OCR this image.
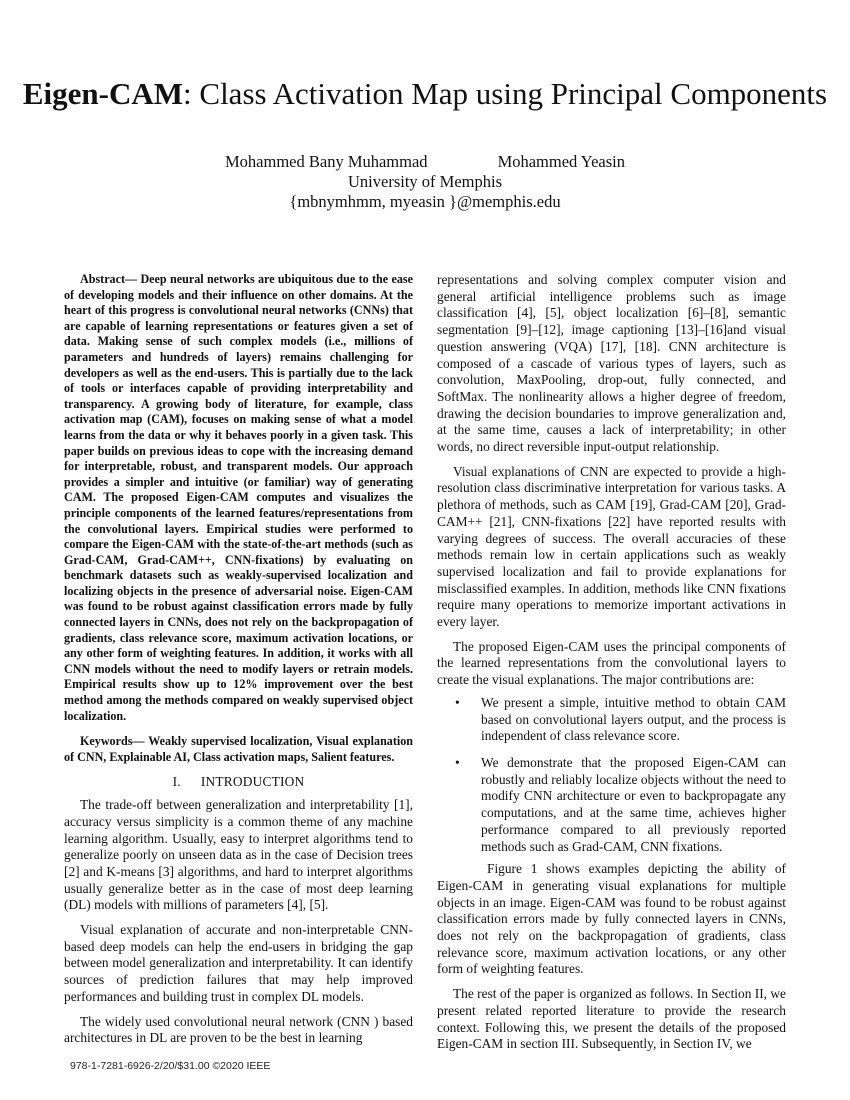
Eigen-CAM: Class Activation Map using Principal Components
Mohammed Bany Muhammad	Mohammed Yeasin
University of Memphis
{mbnymhmm, myeasin }@memphis.edu

Abstract— Deep neural networks are ubiquitous due to the ease of developing models and their influence on other domains. At the heart of this progress is convolutional neural networks (CNNs) that are capable of learning representations or features given a set of data. Making sense of such complex models (i.e., millions of parameters and hundreds of layers) remains challenging for developers as well as the end-users. This is partially due to the lack of tools or interfaces capable of providing interpretability and transparency. A growing body of literature, for example, class activation map (CAM), focuses on making sense of what a model learns from the data or why it behaves poorly in a given task. This paper builds on previous ideas to cope with the increasing demand for interpretable, robust, and transparent models. Our approach provides a simpler and intuitive (or familiar) way of generating CAM. The proposed Eigen-CAM computes and visualizes the principle components of the learned features/representations from the convolutional layers. Empirical studies were performed to compare the Eigen-CAM with the state-of-the-art methods (such as Grad-CAM, Grad-CAM++, CNN-fixations) by evaluating on benchmark datasets such as weakly-supervised localization and localizing objects in the presence of adversarial noise. Eigen-CAM was found to be robust against classification errors made by fully connected layers in CNNs, does not rely on the backpropagation of gradients, class relevance score, maximum activation locations, or any other form of weighting features. In addition, it works with all CNN models without the need to modify layers or retrain models. Empirical results show up to 12% improvement over the best method among the methods compared on weakly supervised object localization.

Keywords— Weakly supervised localization, Visual explanation of CNN, Explainable AI, Class activation maps, Salient features.

I. INTRODUCTION

The trade-off between generalization and interpretability [1], accuracy versus simplicity is a common theme of any machine learning algorithm. Usually, easy to interpret algorithms tend to generalize poorly on unseen data as in the case of Decision trees [2] and K-means [3] algorithms, and hard to interpret algorithms usually generalize better as in the case of most deep learning (DL) models with millions of parameters [4], [5].

Visual explanation of accurate and non-interpretable CNN-based deep models can help the end-users in bridging the gap between model generalization and interpretability. It can identify sources of prediction failures that may help improved performances and building trust in complex DL models.

The widely used convolutional neural network (CNN ) based architectures in DL are proven to be the best in learning

representations and solving complex computer vision and general artificial intelligence problems such as image classification [4], [5], object localization [6]–[8], semantic segmentation [9]–[12], image captioning [13]–[16]and visual question answering (VQA) [17], [18]. CNN architecture is composed of a cascade of various types of layers, such as convolution, MaxPooling, drop-out, fully connected, and SoftMax. The nonlinearity allows a higher degree of freedom, drawing the decision boundaries to improve generalization and, at the same time, causes a lack of interpretability; in other words, no direct reversible input-output relationship.

Visual explanations of CNN are expected to provide a high-resolution class discriminative interpretation for various tasks. A plethora of methods, such as CAM [19], Grad-CAM [20], Grad-CAM++ [21], CNN-fixations [22] have reported results with varying degrees of success. The overall accuracies of these methods remain low in certain applications such as weakly supervised localization and fail to provide explanations for misclassified examples. In addition, methods like CNN fixations require many operations to memorize important activations in every layer.

The proposed Eigen-CAM uses the principal components of the learned representations from the convolutional layers to create the visual explanations. The major contributions are:

• We present a simple, intuitive method to obtain CAM based on convolutional layers output, and the process is independent of class relevance score.
• We demonstrate that the proposed Eigen-CAM can robustly and reliably localize objects without the need to modify CNN architecture or even to backpropagate any computations, and at the same time, achieves higher performance compared to all previously reported methods such as Grad-CAM, CNN fixations.

Figure 1 shows examples depicting the ability of Eigen-CAM in generating visual explanations for multiple objects in an image. Eigen-CAM was found to be robust against classification errors made by fully connected layers in CNNs, does not rely on the backpropagation of gradients, class relevance score, maximum activation locations, or any other form of weighting features.

The rest of the paper is organized as follows. In Section II, we present related reported literature to provide the research context. Following this, we present the details of the proposed Eigen-CAM in section III. Subsequently, in Section IV, we

978-1-7281-6926-2/20/$31.00 ©2020 IEEE
